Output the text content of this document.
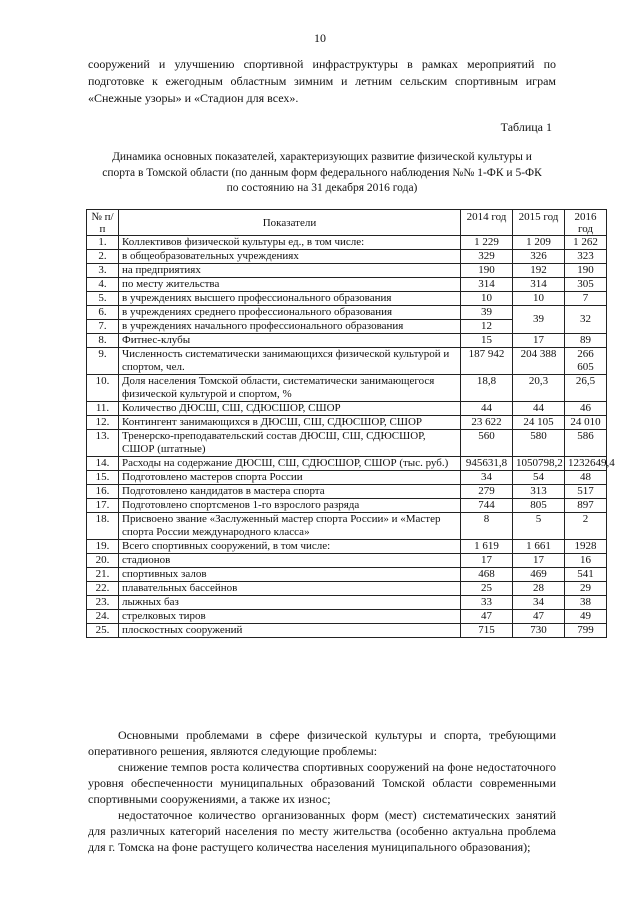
10

сооружений и улучшению спортивной инфраструктуры в рамках мероприятий по подготовке к ежегодным областным зимним и летним сельским спортивным играм «Снежные узоры» и «Стадион для всех».

Таблица 1

Динамика основных показателей, характеризующих развитие физической культуры и спорта в Томской области (по данным форм федерального наблюдения №№ 1-ФК и 5-ФК по состоянию на 31 декабря 2016 года)

№ п/п	Показатели	2014 год	2015 год	2016 год
1.	Коллективов физической культуры ед., в том числе:	1 229	1 209	1 262
2.	в общеобразовательных учреждениях	329	326	323
3.	на предприятиях	190	192	190
4.	по месту жительства	314	314	305
5.	в учреждениях высшего профессионального образования	10	10	7
6.	в учреждениях среднего профессионального образования	39	39	32
7.	в учреждениях начального профессионального образования	12		
8.	Фитнес-клубы	15	17	89
9.	Численность систематически занимающихся физической культурой и спортом, чел.	187 942	204 388	266 605
10.	Доля населения Томской области, систематически занимающегося физической культурой и спортом, %	18,8	20,3	26,5
11.	Количество ДЮСШ, СШ, СДЮСШОР, СШОР	44	44	46
12.	Контингент занимающихся в ДЮСШ, СШ, СДЮСШОР, СШОР	23 622	24 105	24 010
13.	Тренерско-преподавательский состав ДЮСШ, СШ, СДЮСШОР, СШОР (штатные)	560	580	586
14.	Расходы на содержание ДЮСШ, СШ, СДЮСШОР, СШОР (тыс. руб.)	945631,8	1050798,2	1232649,4
15.	Подготовлено мастеров спорта России	34	54	48
16.	Подготовлено кандидатов в мастера спорта	279	313	517
17.	Подготовлено спортсменов 1-го взрослого разряда	744	805	897
18.	Присвоено звание «Заслуженный мастер спорта России» и «Мастер спорта России международного класса»	8	5	2
19.	Всего спортивных сооружений, в том числе:	1 619	1 661	1928
20.	стадионов	17	17	16
21.	спортивных залов	468	469	541
22.	плавательных бассейнов	25	28	29
23.	лыжных баз	33	34	38
24.	стрелковых тиров	47	47	49
25.	плоскостных сооружений	715	730	799

Основными проблемами в сфере физической культуры и спорта, требующими оперативного решения, являются следующие проблемы:

снижение темпов роста количества спортивных сооружений на фоне недостаточного уровня обеспеченности муниципальных образований Томской области современными спортивными сооружениями, а также их износ;

недостаточное количество организованных форм (мест) систематических занятий для различных категорий населения по месту жительства (особенно актуальна проблема для г. Томска на фоне растущего количества населения муниципального образования);
